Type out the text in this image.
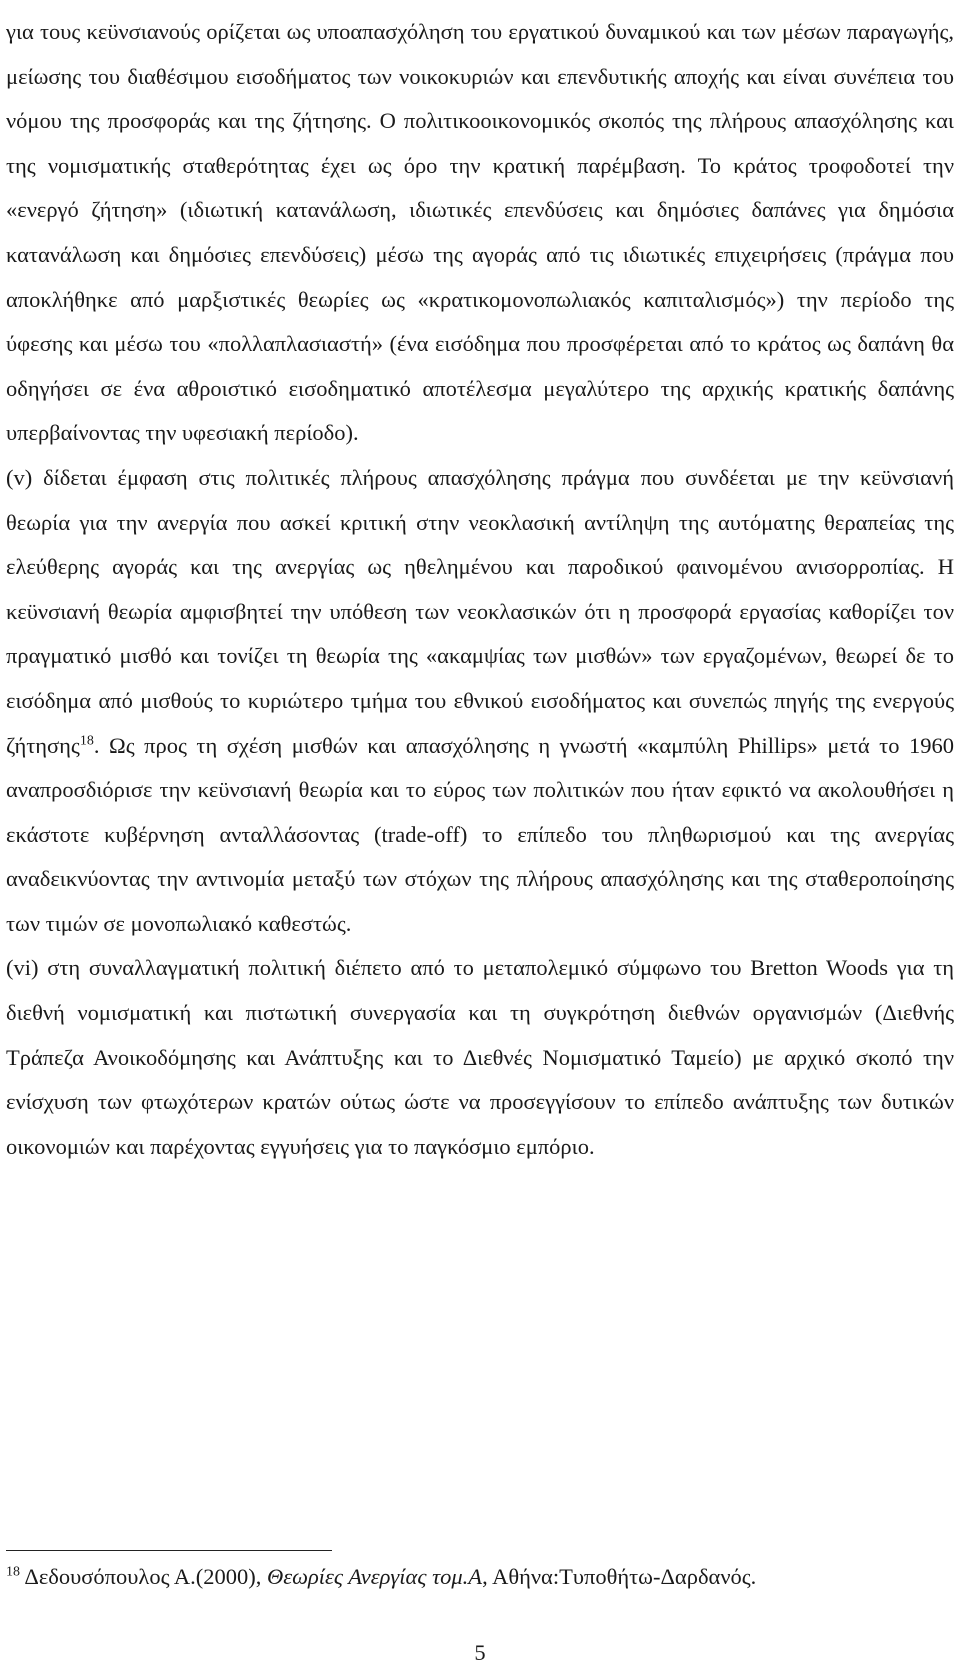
για τους κεϋνσιανούς ορίζεται ως υποαπασχόληση του εργατικού δυναμικού και των μέσων παραγωγής, μείωσης του διαθέσιμου εισοδήματος των νοικοκυριών και επενδυτικής αποχής και είναι συνέπεια του νόμου της προσφοράς και της ζήτησης. Ο πολιτικοοικονομικός σκοπός της πλήρους απασχόλησης και της νομισματικής σταθερότητας έχει ως όρο την κρατική παρέμβαση. Το κράτος τροφοδοτεί την «ενεργό ζήτηση» (ιδιωτική κατανάλωση, ιδιωτικές επενδύσεις και δημόσιες δαπάνες για δημόσια κατανάλωση και δημόσιες επενδύσεις) μέσω της αγοράς από τις ιδιωτικές επιχειρήσεις (πράγμα που αποκλήθηκε από μαρξιστικές θεωρίες ως «κρατικομονοπωλιακός καπιταλισμός») την περίοδο της ύφεσης και μέσω του «πολλαπλασιαστή» (ένα εισόδημα που προσφέρεται από το κράτος ως δαπάνη θα οδηγήσει σε ένα αθροιστικό εισοδηματικό αποτέλεσμα μεγαλύτερο της αρχικής κρατικής δαπάνης υπερβαίνοντας την υφεσιακή περίοδο).

(v) δίδεται έμφαση στις πολιτικές πλήρους απασχόλησης πράγμα που συνδέεται με την κεϋνσιανή θεωρία για την ανεργία που ασκεί κριτική στην νεοκλασική αντίληψη της αυτόματης θεραπείας της ελεύθερης αγοράς και της ανεργίας ως ηθελημένου και παροδικού φαινομένου ανισορροπίας. Η κεϋνσιανή θεωρία αμφισβητεί την υπόθεση των νεοκλασικών ότι η προσφορά εργασίας καθορίζει τον πραγματικό μισθό και τονίζει τη θεωρία της «ακαμψίας των μισθών» των εργαζομένων, θεωρεί δε το εισόδημα από μισθούς το κυριώτερο τμήμα του εθνικού εισοδήματος και συνεπώς πηγής της ενεργούς ζήτησης$^{18}$. Ως προς τη σχέση μισθών και απασχόλησης η γνωστή «καμπύλη Phillips» μετά το 1960 αναπροσδιόρισε την κεϋνσιανή θεωρία και το εύρος των πολιτικών που ήταν εφικτό να ακολουθήσει η εκάστοτε κυβέρνηση ανταλλάσοντας (trade-off) το επίπεδο του πληθωρισμού και της ανεργίας αναδεικνύοντας την αντινομία μεταξύ των στόχων της πλήρους απασχόλησης και της σταθεροποίησης των τιμών σε μονοπωλιακό καθεστώς.

(vi) στη συναλλαγματική πολιτική διέπετο από το μεταπολεμικό σύμφωνο του Bretton Woods για τη διεθνή νομισματική και πιστωτική συνεργασία και τη συγκρότηση διεθνών οργανισμών (Διεθνής Τράπεζα Ανοικοδόμησης και Ανάπτυξης και το Διεθνές Νομισματικό Ταμείο) με αρχικό σκοπό την ενίσχυση των φτωχότερων κρατών ούτως ώστε να προσεγγίσουν το επίπεδο ανάπτυξης των δυτικών οικονομιών και παρέχοντας εγγυήσεις για το παγκόσμιο εμπόριο.

$^{18}$ Δεδουσόπουλος Α.(2000), Θεωρίες Ανεργίας τομ.Α, Αθήνα:Τυποθήτω-Δαρδανός.
5
